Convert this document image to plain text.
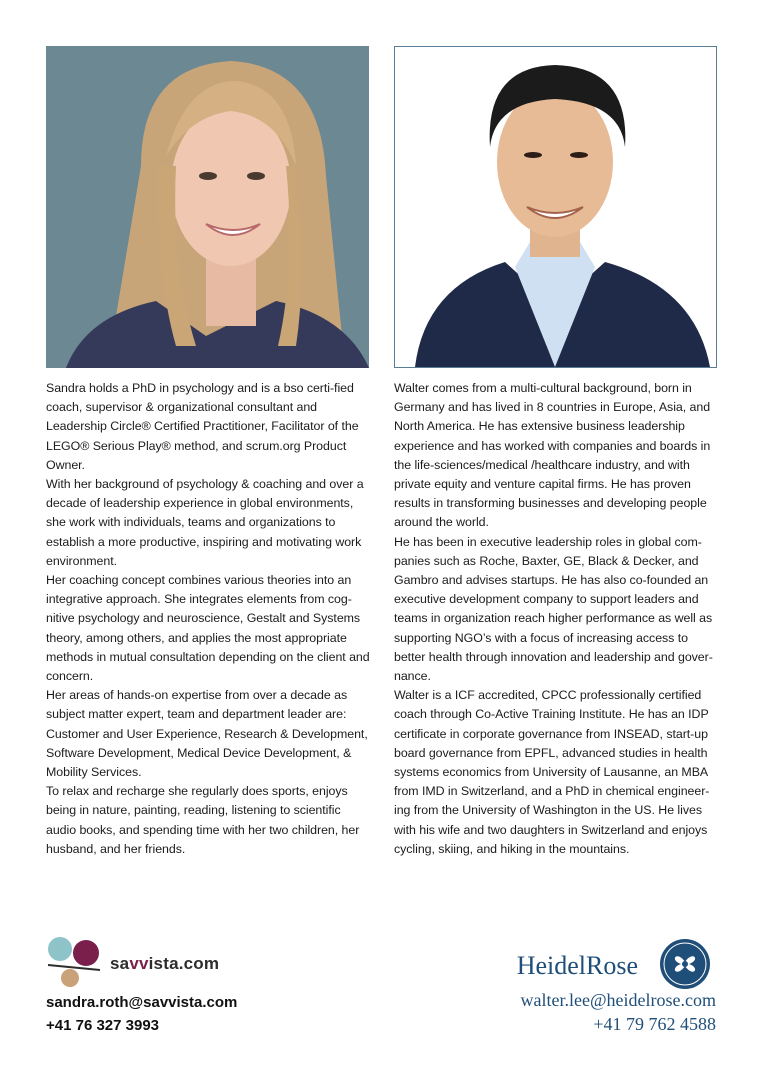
Sandra holds a PhD in psychology and is a bso certi-fied coach, supervisor & organizational consultant and Leadership Circle® Certified Practitioner, Facilitator of the LEGO® Serious Play® method, and scrum.org Product Owner.

With her background of psychology & coaching and over a decade of leadership experience in global environments, she work with individuals, teams and organizations to establish a more productive, inspiring and motivating work environment.

Her coaching concept combines various theories into an integrative approach. She integrates elements from cog-nitive psychology and neuroscience, Gestalt and Systems theory, among others, and applies the most appropriate methods in mutual consultation depending on the client and concern.

Her areas of hands-on expertise from over a decade as subject matter expert, team and department leader are: Customer and User Experience, Research & Development, Software Development, Medical Device Development, & Mobility Services.

To relax and recharge she regularly does sports, enjoys being in nature, painting, reading, listening to scientific audio books, and spending time with her two children, her husband, and her friends.

Walter comes from a multi-cultural background, born in Germany and has lived in 8 countries in Europe, Asia, and North America. He has extensive business leadership experience and has worked with companies and boards in the life-sciences/medical /healthcare industry, and with private equity and venture capital firms. He has proven results in transforming businesses and developing people around the world.

He has been in executive leadership roles in global com-panies such as Roche, Baxter, GE, Black & Decker, and Gambro and advises startups. He has also co-founded an executive development company to support leaders and teams in organization reach higher performance as well as supporting NGO’s with a focus of increasing access to better health through innovation and leadership and gover-nance.

Walter is a ICF accredited, CPCC professionally certified coach through Co-Active Training Institute. He has an IDP certificate in corporate governance from INSEAD, start-up board governance from EPFL, advanced studies in health systems economics from University of Lausanne, an MBA from IMD in Switzerland, and a PhD in chemical engineer-ing from the University of Washington in the US. He lives with his wife and two daughters in Switzerland and enjoys cycling, skiing, and hiking in the mountains.

savvista.com
sandra.roth@savvista.com
+41 76 327 3993
HeidelRose
walter.lee@heidelrose.com
+41 79 762 4588
